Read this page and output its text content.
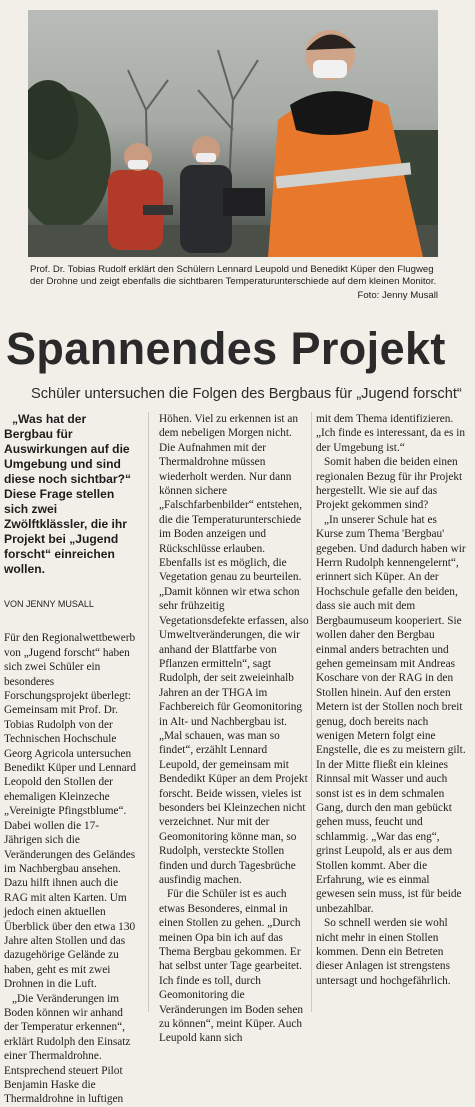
Prof. Dr. Tobias Rudolf erklärt den Schülern Lennard Leupold und Benedikt Küper den Flugweg der Drohne und zeigt ebenfalls die sichtbaren Temperaturunterschiede auf dem kleinen Monitor.
Foto: Jenny Musall
Spannendes Projekt
Schüler untersuchen die Folgen des Bergbaus für „Jugend forscht“

„Was hat der Bergbau für Auswirkungen auf die Umgebung und sind diese noch sichtbar?“ Diese Frage stellen sich zwei Zwölftklässler, die ihr Projekt bei „Jugend forscht“ einreichen wollen.

VON JENNY MUSALL

Für den Regionalwettbewerb von „Jugend forscht“ haben sich zwei Schüler ein besonderes Forschungsprojekt überlegt: Gemeinsam mit Prof. Dr. Tobias Rudolph von der Technischen Hochschule Georg Agricola untersuchen Benedikt Küper und Lennard Leopold den Stollen der ehemaligen Kleinzeche „Vereinigte Pfingstblume“. Dabei wollen die 17-Jährigen sich die Veränderungen des Geländes im Nachbergbau ansehen. Dazu hilft ihnen auch die RAG mit alten Karten. Um jedoch einen aktuellen Überblick über den etwa 130 Jahre alten Stollen und das dazugehörige Gelände zu haben, geht es mit zwei Drohnen in die Luft.

„Die Veränderungen im Boden können wir anhand der Temperatur erkennen“, erklärt Rudolph den Einsatz einer Thermaldrohne. Entsprechend steuert Pilot Benjamin Haske die Thermaldrohne in luftigen

Höhen. Viel zu erkennen ist an dem nebeligen Morgen nicht. Die Aufnahmen mit der Thermaldrohne müssen wiederholt werden. Nur dann können sichere „Falschfarbenbilder“ entstehen, die die Temperaturunterschiede im Boden anzeigen und Rückschlüsse erlauben. Ebenfalls ist es möglich, die Vegetation genau zu beurteilen. „Damit können wir etwa schon sehr frühzeitig Vegetationsdefekte erfassen, also Umweltveränderungen, die wir anhand der Blattfarbe von Pflanzen ermitteln“, sagt Rudolph, der seit zweieinhalb Jahren an der THGA im Fachbereich für Geomonitoring in Alt- und Nachbergbau ist. „Mal schauen, was man so findet“, erzählt Lennard Leupold, der gemeinsam mit Bendedikt Küper an dem Projekt forscht. Beide wissen, vieles ist besonders bei Kleinzechen nicht verzeichnet. Nur mit der Geomonitoring könne man, so Rudolph, versteckte Stollen finden und durch Tagesbrüche ausfindig machen.

Für die Schüler ist es auch etwas Besonderes, einmal in einen Stollen zu gehen. „Durch meinen Opa bin ich auf das Thema Bergbau gekommen. Er hat selbst unter Tage gearbeitet. Ich finde es toll, durch Geomonitoring die Veränderungen im Boden sehen zu können“, meint Küper. Auch Leupold kann sich

mit dem Thema identifizieren. „Ich finde es interessant, da es in der Umgebung ist.“

Somit haben die beiden einen regionalen Bezug für ihr Projekt hergestellt. Wie sie auf das Projekt gekommen sind?

„In unserer Schule hat es Kurse zum Thema 'Bergbau' gegeben. Und dadurch haben wir Herrn Rudolph kennengelernt“, erinnert sich Küper. An der Hochschule gefalle den beiden, dass sie auch mit dem Bergbaumuseum kooperiert. Sie wollen daher den Bergbau einmal anders betrachten und gehen gemeinsam mit Andreas Koschare von der RAG in den Stollen hinein. Auf den ersten Metern ist der Stollen noch breit genug, doch bereits nach wenigen Metern folgt eine Engstelle, die es zu meistern gilt. In der Mitte fließt ein kleines Rinnsal mit Wasser und auch sonst ist es in dem schmalen Gang, durch den man gebückt gehen muss, feucht und schlammig. „War das eng“, grinst Leupold, als er aus dem Stollen kommt. Aber die Erfahrung, wie es einmal gewesen sein muss, ist für beide unbezahlbar.

So schnell werden sie wohl nicht mehr in einen Stollen kommen. Denn ein Betreten dieser Anlagen ist strengstens untersagt und hochgefährlich.
